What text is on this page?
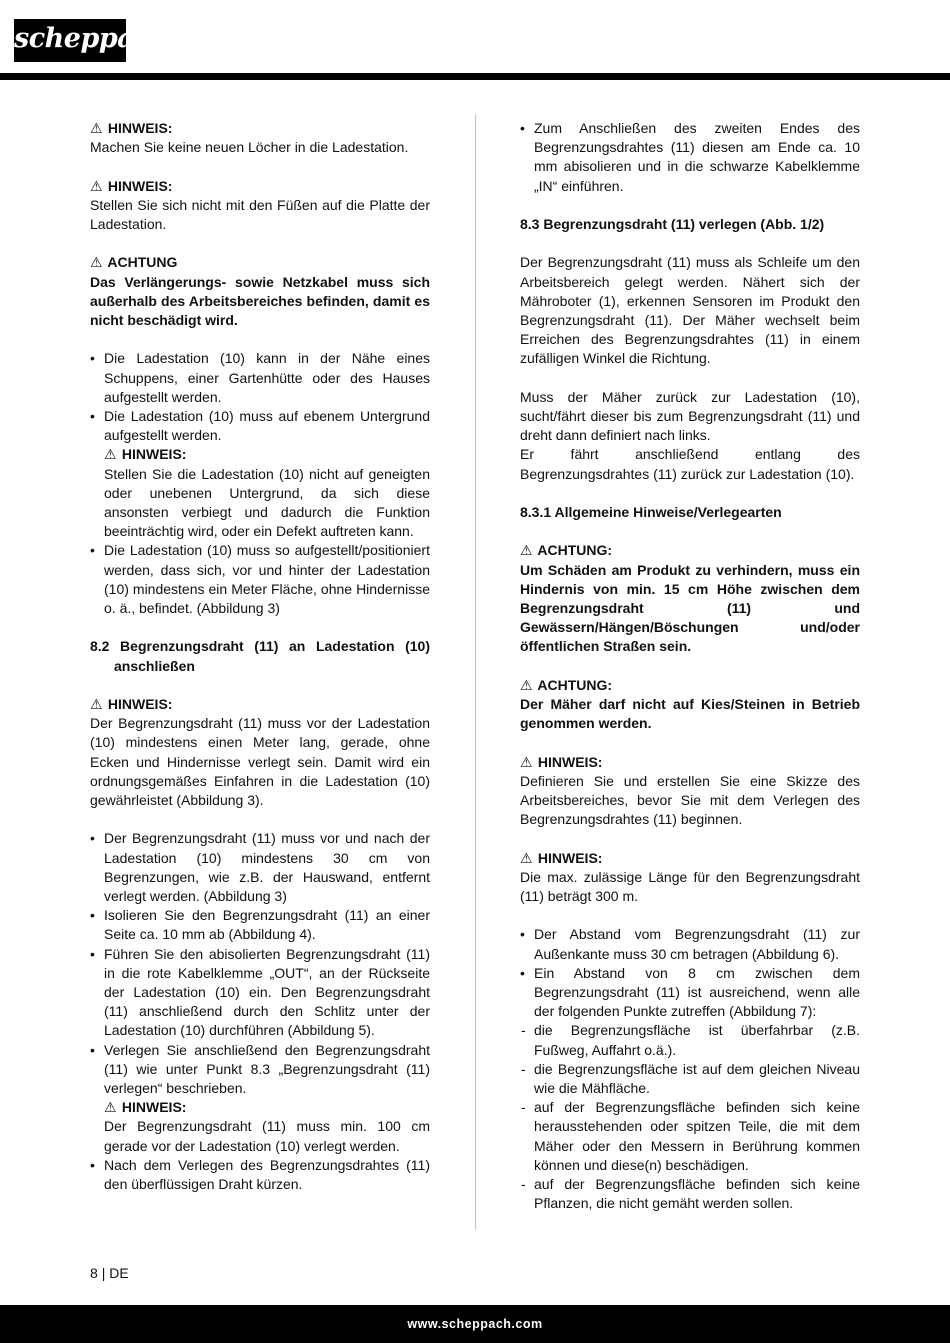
scheppach
⚠ HINWEIS:

Machen Sie keine neuen Löcher in die Ladestation.

⚠ HINWEIS:

Stellen Sie sich nicht mit den Füßen auf die Platte der Ladestation.

⚠ ACHTUNG

Das Verlängerungs- sowie Netzkabel muss sich außerhalb des Arbeitsbereiches befinden, damit es nicht beschädigt wird.

• Die Ladestation (10) kann in der Nähe eines Schuppens, einer Gartenhütte oder des Hauses aufgestellt werden.
• Die Ladestation (10) muss auf ebenem Untergrund aufgestellt werden.
⚠ HINWEIS:

Stellen Sie die Ladestation (10) nicht auf geneigten oder unebenen Untergrund, da sich diese ansonsten verbiegt und dadurch die Funktion beeinträchtig wird, oder ein Defekt auftreten kann.

• Die Ladestation (10) muss so aufgestellt/positioniert werden, dass sich, vor und hinter der Ladestation (10) mindestens ein Meter Fläche, ohne Hindernisse o. ä., befindet. (Abbildung 3)

8.2 Begrenzungsdraht (11) an Ladestation (10) anschließen

⚠ HINWEIS:

Der Begrenzungsdraht (11) muss vor der Ladestation (10) mindestens einen Meter lang, gerade, ohne Ecken und Hindernisse verlegt sein. Damit wird ein ordnungsgemäßes Einfahren in die Ladestation (10) gewährleistet (Abbildung 3).

• Der Begrenzungsdraht (11) muss vor und nach der Ladestation (10) mindestens 30 cm von Begrenzungen, wie z.B. der Hauswand, entfernt verlegt werden. (Abbildung 3)
• Isolieren Sie den Begrenzungsdraht (11) an einer Seite ca. 10 mm ab (Abbildung 4).
• Führen Sie den abisolierten Begrenzungsdraht (11) in die rote Kabelklemme „OUT“, an der Rückseite der Ladestation (10) ein. Den Begrenzungsdraht (11) anschließend durch den Schlitz unter der Ladestation (10) durchführen (Abbildung 5).
• Verlegen Sie anschließend den Begrenzungsdraht (11) wie unter Punkt 8.3 „Begrenzungsdraht (11) verlegen“ beschrieben.
⚠ HINWEIS:

Der Begrenzungsdraht (11) muss min. 100 cm gerade vor der Ladestation (10) verlegt werden.

• Nach dem Verlegen des Begrenzungsdrahtes (11) den überflüssigen Draht kürzen.
• Zum Anschließen des zweiten Endes des Begrenzungsdrahtes (11) diesen am Ende ca. 10 mm abisolieren und in die schwarze Kabelklemme „IN“ einführen.

8.3 Begrenzungsdraht (11) verlegen (Abb. 1/2)

Der Begrenzungsdraht (11) muss als Schleife um den Arbeitsbereich gelegt werden. Nähert sich der Mähroboter (1), erkennen Sensoren im Produkt den Begrenzungsdraht (11). Der Mäher wechselt beim Erreichen des Begrenzungsdrahtes (11) in einem zufälligen Winkel die Richtung.

Muss der Mäher zurück zur Ladestation (10), sucht/fährt dieser bis zum Begrenzungsdraht (11) und dreht dann definiert nach links.

Er fährt anschließend entlang des Begrenzungsdrahtes (11) zurück zur Ladestation (10).

8.3.1 Allgemeine Hinweise/Verlegearten

⚠ ACHTUNG:

Um Schäden am Produkt zu verhindern, muss ein Hindernis von min. 15 cm Höhe zwischen dem Begrenzungsdraht (11) und Gewässern/Hängen/Böschungen und/oder öffentlichen Straßen sein.

⚠ ACHTUNG:

Der Mäher darf nicht auf Kies/Steinen in Betrieb genommen werden.

⚠ HINWEIS:

Definieren Sie und erstellen Sie eine Skizze des Arbeitsbereiches, bevor Sie mit dem Verlegen des Begrenzungsdrahtes (11) beginnen.

⚠ HINWEIS:

Die max. zulässige Länge für den Begrenzungsdraht (11) beträgt 300 m.

• Der Abstand vom Begrenzungsdraht (11) zur Außenkante muss 30 cm betragen (Abbildung 6).
• Ein Abstand von 8 cm zwischen dem Begrenzungsdraht (11) ist ausreichend, wenn alle der folgenden Punkte zutreffen (Abbildung 7):
- die Begrenzungsfläche ist überfahrbar (z.B. Fußweg, Auffahrt o.ä.).
- die Begrenzungsfläche ist auf dem gleichen Niveau wie die Mähfläche.
- auf der Begrenzungsfläche befinden sich keine herausstehenden oder spitzen Teile, die mit dem Mäher oder den Messern in Berührung kommen können und diese(n) beschädigen.
- auf der Begrenzungsfläche befinden sich keine Pflanzen, die nicht gemäht werden sollen.
8 | DE
www.scheppach.com
